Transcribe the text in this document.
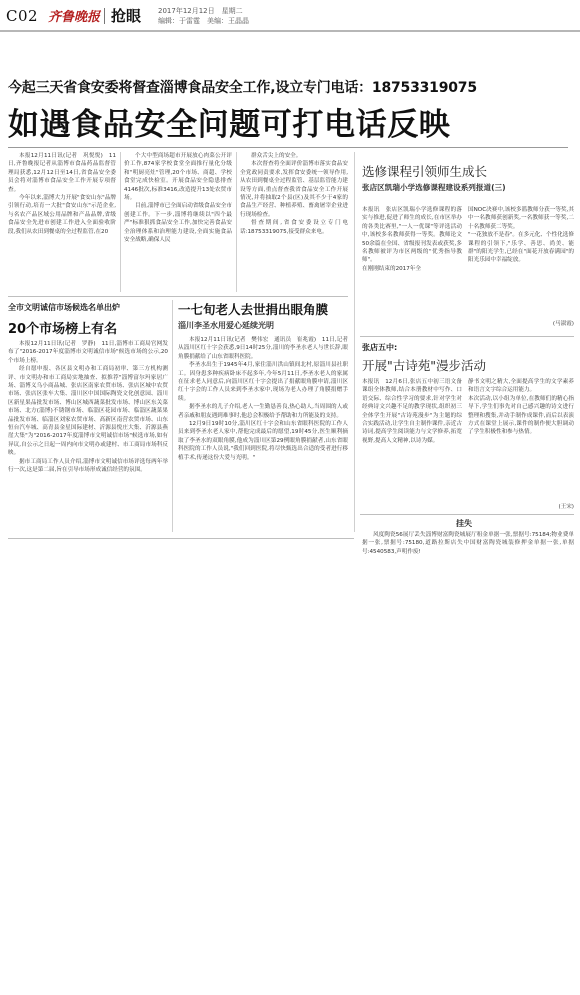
C02 齐鲁晚报 抢眼 2017年12月12日　星期二
编辑：于雷霆　美编：王晶晶
今起三天省食安委将督查淄博食品安全工作,设立专门电话：18753319075
如遇食品安全问题可打电话反映

本报12月11日讯(记者　巩悦悦)　11日,齐鲁晚报记者从淄博市食品药品监督管理局获悉,12月12日至14日,省食品安全委员会将对淄博市食品安全工作开展专项督查。

今年以来,淄博大力开展"食安山东"品牌引领行动,培育一大批"食安山东"示范企业,与名农产品区域公用品牌和产品品牌,省级食品安全先进市创建工作进入全面验收阶段,我们从农田到餐桌的全过程监管,在20

个大中型商场超市开展放心肉菜公开评价工作,874家学校食堂全面推行量化分级和"明厨亮灶"管理,20个市场、商超、学校食堂完成快检室。开展食品安全隐患排查4146批次,标准3416,改造提升13处农贸市场。

目前,淄博市已全面启动省级食品安全市创建工作。下一步,淄博将继续以"四个最严"标准狠抓食品安全工作,加快完善食品安全治理体系和治理能力建设,全面实施食品安全战略,确保人民

群众舌尖上的安全。

本次督查将全面评价淄博市落实食品安全党政同责要求,发挥食安委统一领导作用,从农田到餐桌全过程监管、基层监管能力建设等方面,重点督查我省食品安全工作开展情况,并将抽取2个县(区)及其不少于4家的食品生产经营、种植养殖、畜禽屠宰企业进行现场检查。

督查期间,省食安委设立专门电话:18753319075,接受群众来电。

全市文明诚信市场候选名单出炉
20个市场榜上有名

本报12月11日讯(记者　罗静)　11日,淄博市工商局官网发布了"2016-2017年度淄博市文明诚信市场"候选市场的公示,20个市场上榜。

经自愿申报、各区县文明办和工商局初审、第三方机构测评、市文明办和市工商局实地抽查、拟推荐"淄博富尔玛家居广场、淄博义乌小商品城、张店区南家农贸市场、张店区城中农贸市场、张店区张车大集、淄川区中国国际陶瓷文化创意园、淄川区新星果品批发市场、博山区城西蔬菜批发市场、博山区东关菜市场、北方(淄博)不锈钢市场、临淄区花园市场、临淄区蔬菜果品批发市场、临淄区刘家农贸市场、高新区南营农贸市场、山东恒台汽车城、高青县金星国际建材、沂源县悦庄大集、沂源县燕崖大集"为"2016-2017年度淄博市文明诚信市场"候选市场,如有异议,自公示之日起一周内向市文明办或建村、市工商局市场科反映。

据市工商局工作人员介绍,淄博市文明诚信市场评选每两年举行一次,这是第二届,旨在引导市场形成诚信经营的氛围。

一七旬老人去世捐出眼角膜
淄川李圣水用爱心延续光明

本报12月11日讯(记者　樊伟宏　通讯员　崔兆霞)　11日,记者从淄川区红十字会获悉,9日14时25分,淄川的李圣水老人与世长辞,眼角膜捐献给了山东省眼科医院。

李圣水出生于1945年4月,家住淄川洪山镇间北村,原淄川县社职工。因身患多种疾病卧床不起多年,今年5月11日,李圣水老人的家属在征求老人同意后,向淄川区红十字会提出了捐献眼角膜申请,淄川区红十字会的工作人员来到李圣水家中,现场为老人办理了角膜捐赠手续。

据李圣水的儿子介绍,老人一生勤恳善良,热心助人,当周围的人或者亲戚和朋友遇到难事时,他总会积极给予帮助和力所能及的支持。

12月9日19时10分,淄川区红十字会和山东省眼科医院的工作人员来到李圣水老人家中,帮他完成最后的愿望,19时45分,医生顺利摘取了李圣水的双眼角膜,他成为淄川区第29例眼角膜捐献者,山东省眼科医院的工作人员说,"我们回到医院,将尽快甄选出合适的受者进行移植手术,传递这份大爱与光明。"

选修课程引领师生成长
张店区凯瑞小学选修课程建设系列报道(三)
本报讯　张店区凯瑞小学选修课程的落实与推进,促进了师生的成长,在市区举办的各类比赛里,"一人一优课"等评选活动中,该校多名教师获得一等奖。教师论文50余篇在全国、省级报刊发表或获奖,多名教师被评为市区两级的"优秀指导教师"。
在刚刚结束的2017年全
国NOC决赛中,该校多篮教师分获一等奖,其中一名教师获创新奖,一名教师获一等奖,二十名教师获二等奖。
"一花独放不是春"。在多元化、个性化选修课程的引领下,"乐学、善思、尚美、能群"的阳光学生,已经在"面花开放春满园"的阳光乐园中幸福绽放。
(马淑霞)
张店五中:
开展"古诗苑"漫步活动
本报讯　12月6日,张店五中初三语文备课组全体教师,结合本册教材中写作、口语交际、综合性学习的要求,针对学生对经典诗文兴趣不足的教学现状,组织初三全体学生开展"古诗苑漫步"为主题的综合实践活动,让学生自主制作课件,亲近古诗词,提高学生阅读能力与文学修养,拓宽视野,提高人文精神,以诗为媒。
静书文明之精大,全面提高学生的文学素养和语言文字综合运用能力。
本次活动,以小组为单位,在教师们的精心指导下,学生们事先对自己感兴趣的诗文进行整理和搜集,并动手制作成课件,而后以表演方式在课堂上展示,课件的制作便大胆调动了学生积极性和参与热情。
(王宋)
挂失

风度陶瓷56展厅丢失淄博财富陶瓷城展厅租金单据一张,票据号:75184;物业费单据一张,票据号:75180,道路拉斯店失中国财富陶瓷城装修押金单据一张,单据号:4540583,声明作废!
